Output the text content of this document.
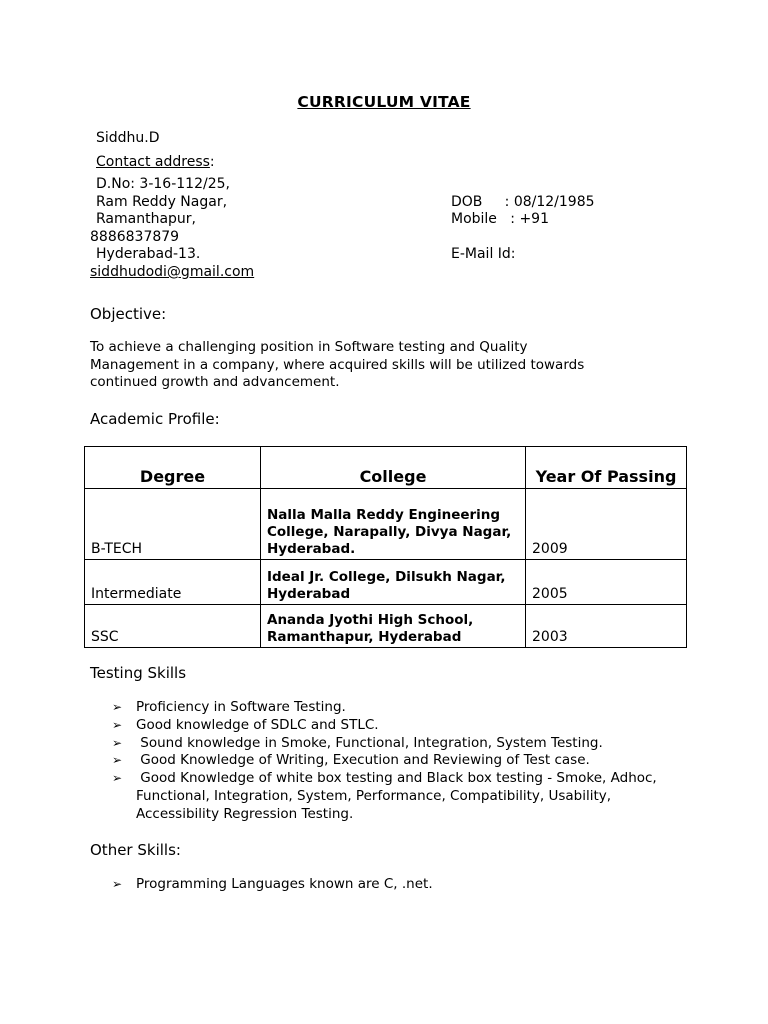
CURRICULUM VITAE
Siddhu.D
Contact address:
D.No: 3-16-112/25,
Ram Reddy Nagar,
Ramanthapur,
8886837879
Hyderabad-13.
siddhudodi@gmail.com
DOB     : 08/12/1985
Mobile   : +91
E-Mail Id:
Objective:
To achieve a challenging position in Software testing and Quality
Management in a company, where acquired skills will be utilized towards
continued growth and advancement.
Academic Profile:
Degree	College	Year Of Passing
B-TECH	Nalla Malla Reddy Engineering College, Narapally, Divya Nagar, Hyderabad.	2009
Intermediate	Ideal Jr. College, Dilsukh Nagar, Hyderabad	2005
SSC	Ananda Jyothi High School, Ramanthapur, Hyderabad	2003
Testing Skills
➢ Proficiency in Software Testing.
➢ Good knowledge of SDLC and STLC.
➢ Sound knowledge in Smoke, Functional, Integration, System Testing.
➢ Good Knowledge of Writing, Execution and Reviewing of Test case.
➢ Good Knowledge of white box testing and Black box testing - Smoke, Adhoc, Functional, Integration, System, Performance, Compatibility, Usability, Accessibility Regression Testing.
Other Skills:
➢ Programming Languages known are C, .net.
